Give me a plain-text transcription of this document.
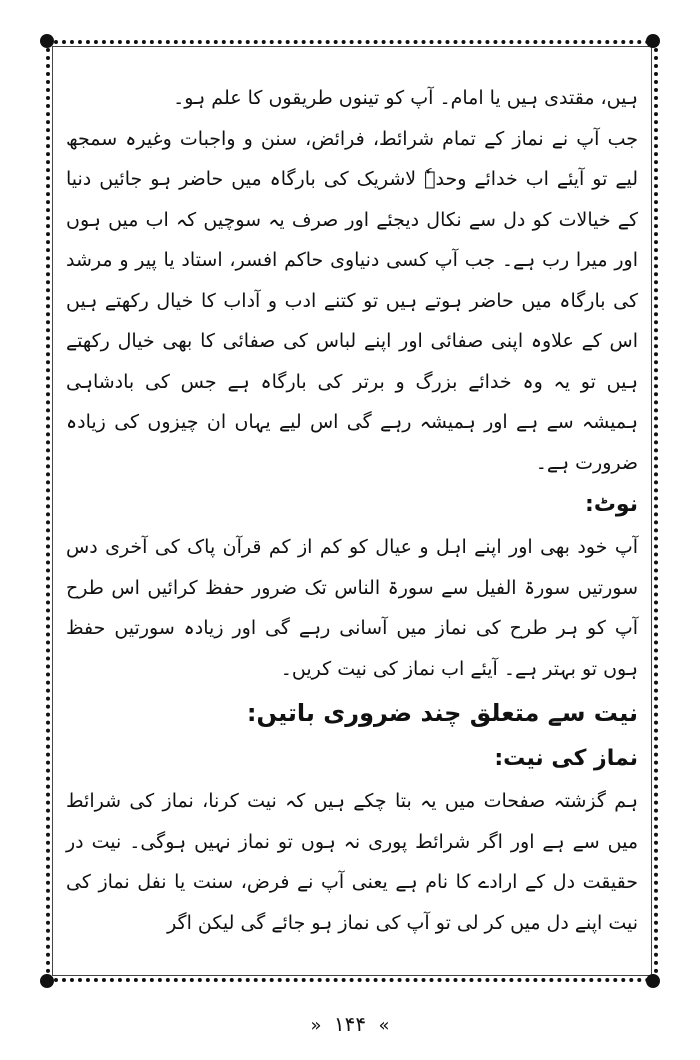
ہیں، مقتدی ہیں یا امام۔ آپ کو تینوں طریقوں کا علم ہو۔

جب آپ نے نماز کے تمام شرائط، فرائض، سنن و واجبات وغیرہ سمجھ لیے تو آیئے اب خدائے وحدہٗ لاشریک کی بارگاہ میں حاضر ہو جائیں دنیا کے خیالات کو دل سے نکال دیجئے اور صرف یہ سوچیں کہ اب میں ہوں اور میرا رب ہے۔ جب آپ کسی دنیاوی حاکم افسر، استاد یا پیر و مرشد کی بارگاہ میں حاضر ہوتے ہیں تو کتنے ادب و آداب کا خیال رکھتے ہیں اس کے علاوہ اپنی صفائی اور اپنے لباس کی صفائی کا بھی خیال رکھتے ہیں تو یہ وہ خدائے بزرگ و برتر کی بارگاہ ہے جس کی بادشاہی ہمیشہ سے ہے اور ہمیشہ رہے گی اس لیے یہاں ان چیزوں کی زیادہ ضرورت ہے۔

نوٹ:

آپ خود بھی اور اپنے اہل و عیال کو کم از کم قرآن پاک کی آخری دس سورتیں سورۃ الفیل سے سورۃ الناس تک ضرور حفظ کرائیں اس طرح آپ کو ہر طرح کی نماز میں آسانی رہے گی اور زیادہ سورتیں حفظ ہوں تو بہتر ہے۔ آیئے اب نماز کی نیت کریں۔

نیت سے متعلق چند ضروری باتیں:

نماز کی نیت:

ہم گزشتہ صفحات میں یہ بتا چکے ہیں کہ نیت کرنا، نماز کی شرائط میں سے ہے اور اگر شرائط پوری نہ ہوں تو نماز نہیں ہوگی۔ نیت در حقیقت دل کے ارادے کا نام ہے یعنی آپ نے فرض، سنت یا نفل نماز کی نیت اپنے دل میں کر لی تو آپ کی نماز ہو جائے گی لیکن اگر

» ۱۴۴ «
